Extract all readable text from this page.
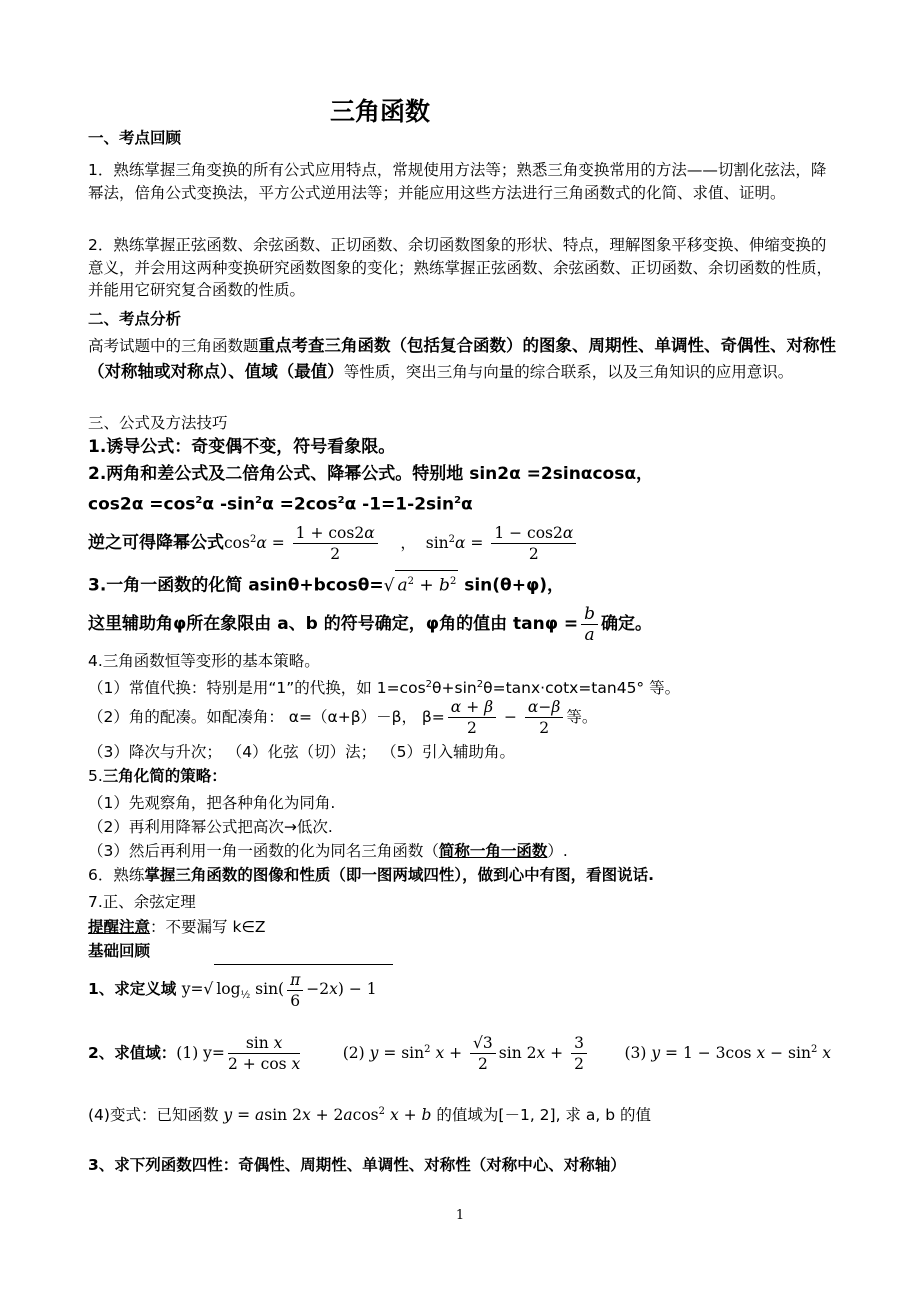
三角函数
一、考点回顾
1．熟练掌握三角变换的所有公式应用特点，常规使用方法等；熟悉三角变换常用的方法——切割化弦法，降幂法，倍角公式变换法，平方公式逆用法等；并能应用这些方法进行三角函数式的化简、求值、证明。
2．熟练掌握正弦函数、余弦函数、正切函数、余切函数图象的形状、特点，理解图象平移变换、伸缩变换的意义，并会用这两种变换研究函数图象的变化；熟练掌握正弦函数、余弦函数、正切函数、余切函数的性质，并能用它研究复合函数的性质。
二、考点分析
高考试题中的三角函数题重点考查三角函数（包括复合函数）的图象、周期性、单调性、奇偶性、对称性（对称轴或对称点）、值域（最值）等性质，突出三角与向量的综合联系，以及三角知识的应用意识。
三、公式及方法技巧
1.诱导公式：奇变偶不变，符号看象限。
2.两角和差公式及二倍角公式、降幂公式。特别地 sin2α =2sinαcosα，
$\cos 2\alpha =\cos^2\alpha$ $-\sin^2\alpha =2\cos^2\alpha$ $-1=1-2\sin^2\alpha$
逆之可得降幂公式$\cos^2\alpha = \frac{1 + \cos 2\alpha}{2}$ ，  $\sin^2\alpha = \frac{1 - \cos 2\alpha}{2}$
3.一角一函数的化简 asinθ+bcosθ=√ $a^2 + b^2$ sin(θ+φ)，
这里辅助角φ所在象限由 a、b 的符号确定，φ角的值由 $\tan\varphi = \frac{b}{a}$ 确定。
4.三角函数恒等变形的基本策略。
（1）常值代换：特别是用“1”的代换，如 $1=\cos^2\theta+\sin^2\theta=\tan x\cdot\cot x=\tan 45^\circ$ 等。
（2）角的配凑。如配凑角： α=（α+β）－β， $\beta= \frac{\alpha + \beta}{2} - \frac{\alpha-\beta}{2}$ 等。
（3）降次与升次； （4）化弦（切）法； （5）引入辅助角。
5.三角化简的策略：
（1）先观察角，把各种角化为同角.
（2）再利用降幂公式把高次→低次.
（3）然后再利用一角一函数的化为同名三角函数（简称一角一函数）.
6．熟练掌握三角函数的图像和性质（即一图两域四性），做到心中有图，看图说话.
7.正、余弦定理
提醒注意：不要漏写 k∈Z
基础回顾
1、求定义域 y=√ $\log_{\frac{1}{2}} \sin( \frac{\pi}{6} -2x) - 1$
2、求值域：(1) $y= \frac{\text{sin x}}{\text{2 + cos x}}$	(2) $y = \sin^2 x + \frac{√3}{2}$ $\sin 2x + \frac{3}{2} (3) y = 1 - 3\cos$ $x - \sin^2 x$
(4)变式：已知函数 y = asin 2x + 2acos$^2$ x + b 的值域为[－1, 2], 求 a, b 的值
3、求下列函数四性：奇偶性、周期性、单调性、对称性（对称中心、对称轴）
1
